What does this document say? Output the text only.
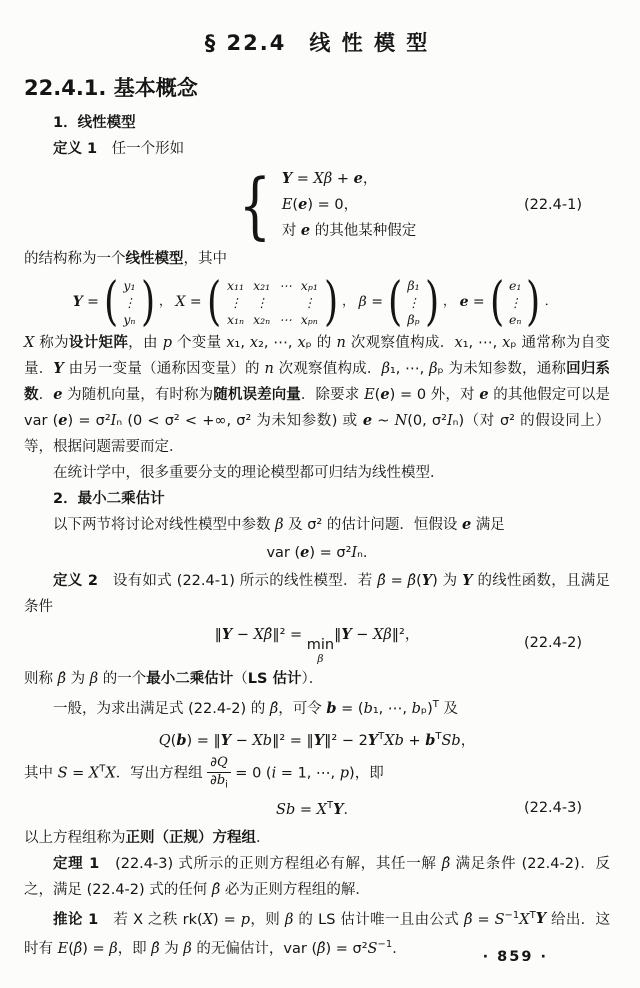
§ 22.4　线 性 模 型
22.4.1. 基本概念
1．线性模型
定义 1　任一个形如
{ Y = Xβ + e，
E(e) = 0，
对 e 的其他某种假定
(22.4-1)
的结构称为一个线性模型，其中
Y = ( y₁
⋮
yₙ ) ， X = ( x₁₁ x₂₁ ⋯ xₚ₁
⋮ ⋮	⋮
x₁ₙ x₂ₙ ⋯ xₚₙ ) ， β = ( β₁
⋮
βₚ ) ， e = ( e₁
⋮
eₙ ) ．
X 称为设计矩阵，由 p 个变量 x₁, x₂, ⋯, xₚ 的 n 次观察值构成．x₁, ⋯, xₚ 通常称为自变量．Y 由另一变量（通称因变量）的 n 次观察值构成．β₁, ⋯, βₚ 为未知参数，通称回归系数．e 为随机向量，有时称为随机误差向量．除要求 E(e) = 0 外，对 e 的其他假定可以是 var (e) = σ²Iₙ (0 < σ² < +∞, σ² 为未知参数) 或 e ~ N(0, σ²Iₙ)（对 σ² 的假设同上）等，根据问题需要而定．
在统计学中，很多重要分支的理论模型都可归结为线性模型．
2．最小二乘估计
以下两节将讨论对线性模型中参数 β 及 σ² 的估计问题．恒假设 e 满足
var (e) = σ²Iₙ.
定义 2　设有如式 (22.4-1) 所示的线性模型．若 β̂ = β̂(Y) 为 Y 的线性函数，且满足条件
‖Y − Xβ̂‖² = min
β
‖Y − Xβ‖²，	(22.4-2)
则称 β̂ 为 β 的一个最小二乘估计（LS 估计）．
一般，为求出满足式 (22.4-2) 的 β̂，可令 b = (b₁, ⋯, bₚ)$^T$ 及
Q(b) = ‖Y − Xb‖² = ‖Y‖² − $2Y^TXb + b^TSb$，
其中 $S = X^TX$．写出方程组 $\frac{\partial Q}{\partial b_i} = 0$ (i = 1, ⋯, p)，即
$Sb = X^TY$．	(22.4-3)
以上方程组称为正则（正规）方程组．
定理 1　(22.4-3) 式所示的正则方程组必有解，其任一解 β̂ 满足条件 (22.4-2)．反之，满足 (22.4-2) 式的任何 β̂ 必为正则方程组的解．
推论 1　若 X 之秩 rk(X) = p，则 β 的 LS 估计唯一且由公式 β̂ = $S^{-1}X^TY$ 给出．这时有 E(β̂) = β，即 β̂ 为 β 的无偏估计，var (β̂) = $\sigma^2S^{-1}$．	· 859 ·
